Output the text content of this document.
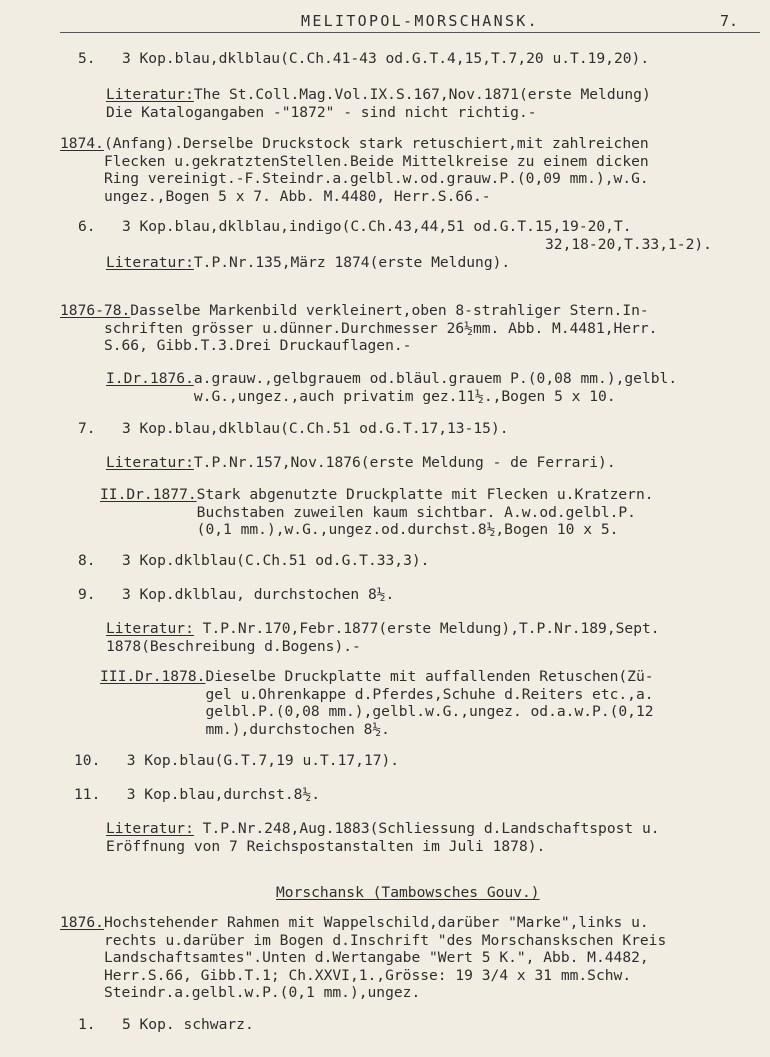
MELITOPOL-MORSCHANSK.	7.
5. 3 Kop.blau,dklblau(C.Ch.41-43 od.G.T.4,15,T.7,20 u.T.19,20).
Literatur:The St.Coll.Mag.Vol.IX.S.167,Nov.1871(erste Meldung)
Die Katalogangaben -"1872" - sind nicht richtig.-
1874.(Anfang).Derselbe Druckstock stark retuschiert,mit zahlreichen
Flecken u.gekratztenStellen.Beide Mittelkreise zu einem dicken
Ring vereinigt.-F.Steindr.a.gelbl.w.od.grauw.P.(0,09 mm.),w.G.
ungez.,Bogen 5 x 7. Abb. M.4480, Herr.S.66.-
6. 3 Kop.blau,dklblau,indigo(C.Ch.43,44,51 od.G.T.15,19-20,T.
32,18-20,T.33,1-2).
Literatur:T.P.Nr.135,März 1874(erste Meldung).
1876-78.Dasselbe Markenbild verkleinert,oben 8-strahliger Stern.In-
schriften grösser u.dünner.Durchmesser 26½mm. Abb. M.4481,Herr.
S.66, Gibb.T.3.Drei Druckauflagen.-
I.Dr.1876.a.grauw.,gelbgrauem od.bläul.grauem P.(0,08 mm.),gelbl.
w.G.,ungez.,auch privatim gez.11½.,Bogen 5 x 10.
7. 3 Kop.blau,dklblau(C.Ch.51 od.G.T.17,13-15).
Literatur:T.P.Nr.157,Nov.1876(erste Meldung - de Ferrari).
II.Dr.1877.Stark abgenutzte Druckplatte mit Flecken u.Kratzern.
Buchstaben zuweilen kaum sichtbar. A.w.od.gelbl.P.
(0,1 mm.),w.G.,ungez.od.durchst.8½,Bogen 10 x 5.
8. 3 Kop.dklblau(C.Ch.51 od.G.T.33,3).
9. 3 Kop.dklblau, durchstochen 8½.
Literatur: T.P.Nr.170,Febr.1877(erste Meldung),T.P.Nr.189,Sept.
1878(Beschreibung d.Bogens).-
III.Dr.1878.Dieselbe Druckplatte mit auffallenden Retuschen(Zü-
gel u.Ohrenkappe d.Pferdes,Schuhe d.Reiters etc.,a.
gelbl.P.(0,08 mm.),gelbl.w.G.,ungez. od.a.w.P.(0,12
mm.),durchstochen 8½.
10. 3 Kop.blau(G.T.7,19 u.T.17,17).
11. 3 Kop.blau,durchst.8½.
Literatur: T.P.Nr.248,Aug.1883(Schliessung d.Landschaftspost u.
Eröffnung von 7 Reichspostanstalten im Juli 1878).
Morschansk (Tambowsches Gouv.)
1876.Hochstehender Rahmen mit Wappelschild,darüber "Marke",links u.
rechts u.darüber im Bogen d.Inschrift "des Morschanskschen Kreis
Landschaftsamtes".Unten d.Wertangabe "Wert 5 K.", Abb. M.4482,
Herr.S.66, Gibb.T.1; Ch.XXVI,1.,Grösse: 19 3/4 x 31 mm.Schw.
Steindr.a.gelbl.w.P.(0,1 mm.),ungez.
1. 5 Kop. schwarz.
